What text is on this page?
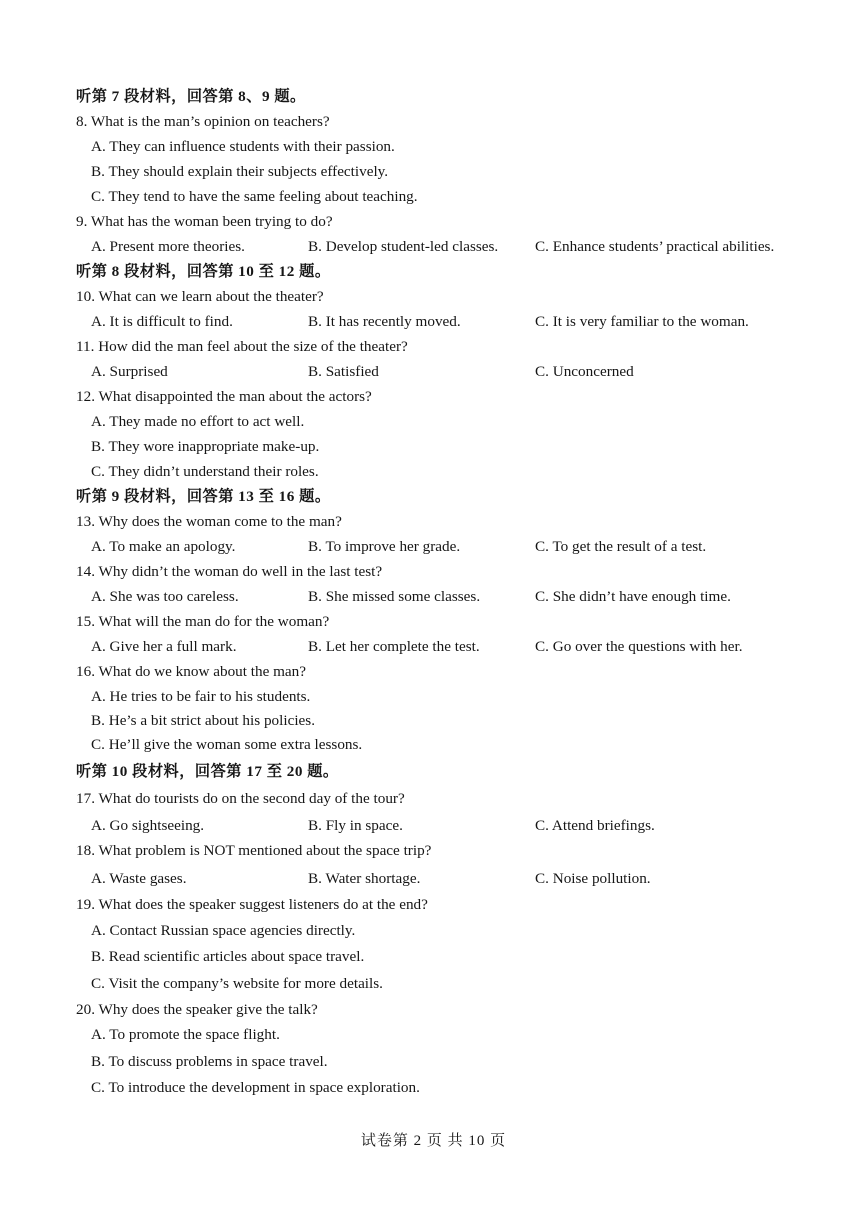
听第 7 段材料，回答第 8、9 题。
8. What is the man’s opinion on teachers?
A. They can influence students with their passion.
B. They should explain their subjects effectively.
C. They tend to have the same feeling about teaching.
9. What has the woman been trying to do?
A. Present more theories.	B. Develop student-led classes. C. Enhance students’ practical abilities.
听第 8 段材料，回答第 10 至 12 题。
10. What can we learn about the theater?
A. It is difficult to find.	B. It has recently moved.	C. It is very familiar to the woman.
11. How did the man feel about the size of the theater?
A. Surprised	B. Satisfied	C. Unconcerned
12. What disappointed the man about the actors?
A. They made no effort to act well.
B. They wore inappropriate make-up.
C. They didn’t understand their roles.
听第 9 段材料，回答第 13 至 16 题。
13. Why does the woman come to the man?
A. To make an apology.	B. To improve her grade.	C. To get the result of a test.
14. Why didn’t the woman do well in the last test?
A. She was too careless.	B. She missed some classes.	C. She didn’t have enough time.
15. What will the man do for the woman?
A. Give her a full mark.	B. Let her complete the test.	C. Go over the questions with her.
16. What do we know about the man?
A. He tries to be fair to his students.
B. He’s a bit strict about his policies.
C. He’ll give the woman some extra lessons.
听第 10 段材料，回答第 17 至 20 题。
17. What do tourists do on the second day of the tour?
A. Go sightseeing.	B. Fly in space.	C. Attend briefings.
18. What problem is NOT mentioned about the space trip?
A. Waste gases.	B. Water shortage.	C. Noise pollution.
19. What does the speaker suggest listeners do at the end?
A. Contact Russian space agencies directly.
B. Read scientific articles about space travel.
C. Visit the company’s website for more details.
20. Why does the speaker give the talk?
A. To promote the space flight.
B. To discuss problems in space travel.
C. To introduce the development in space exploration.
试卷第 2 页 共 10 页
